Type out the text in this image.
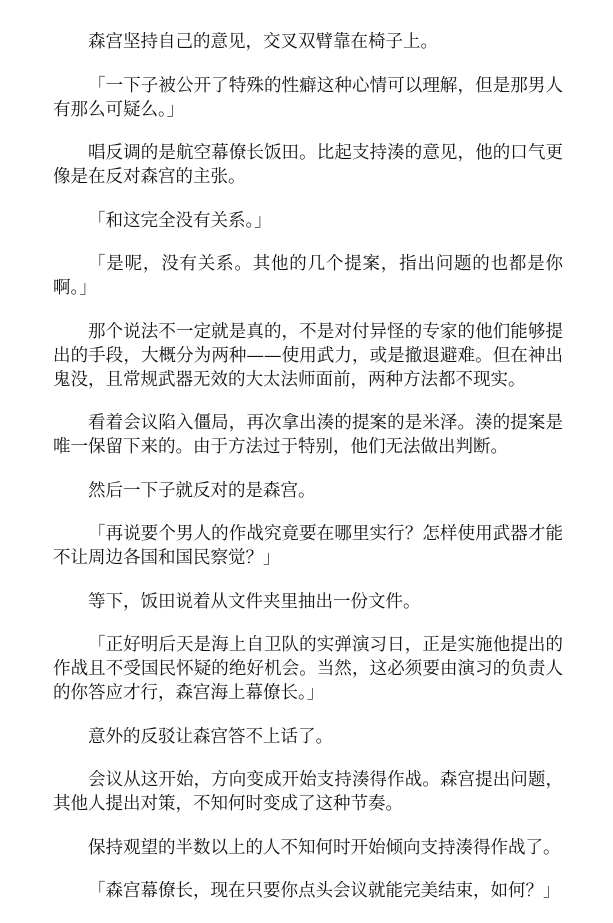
森宫坚持自己的意见，交叉双臂靠在椅子上。

「一下子被公开了特殊的性癖这种心情可以理解，但是那男人有那么可疑么。」

唱反调的是航空幕僚长饭田。比起支持湊的意见，他的口气更像是在反对森宫的主张。

「和这完全没有关系。」

「是呢，没有关系。其他的几个提案，指出问题的也都是你啊。」

那个说法不一定就是真的，不是对付异怪的专家的他们能够提出的手段，大概分为两种——使用武力，或是撤退避难。但在神出鬼没，且常规武器无效的大太法师面前，两种方法都不现实。

看着会议陷入僵局，再次拿出湊的提案的是米泽。湊的提案是唯一保留下来的。由于方法过于特别，他们无法做出判断。

然后一下子就反对的是森宫。

「再说要个男人的作战究竟要在哪里实行？怎样使用武器才能不让周边各国和国民察觉？」

等下，饭田说着从文件夹里抽出一份文件。

「正好明后天是海上自卫队的实弹演习日，正是实施他提出的作战且不受国民怀疑的绝好机会。当然，这必须要由演习的负责人的你答应才行，森宫海上幕僚长。」

意外的反驳让森宫答不上话了。

会议从这开始，方向变成开始支持湊得作战。森宫提出问题，其他人提出对策，不知何时变成了这种节奏。

保持观望的半数以上的人不知何时开始倾向支持湊得作战了。

「森宫幕僚长，现在只要你点头会议就能完美结束，如何？」
